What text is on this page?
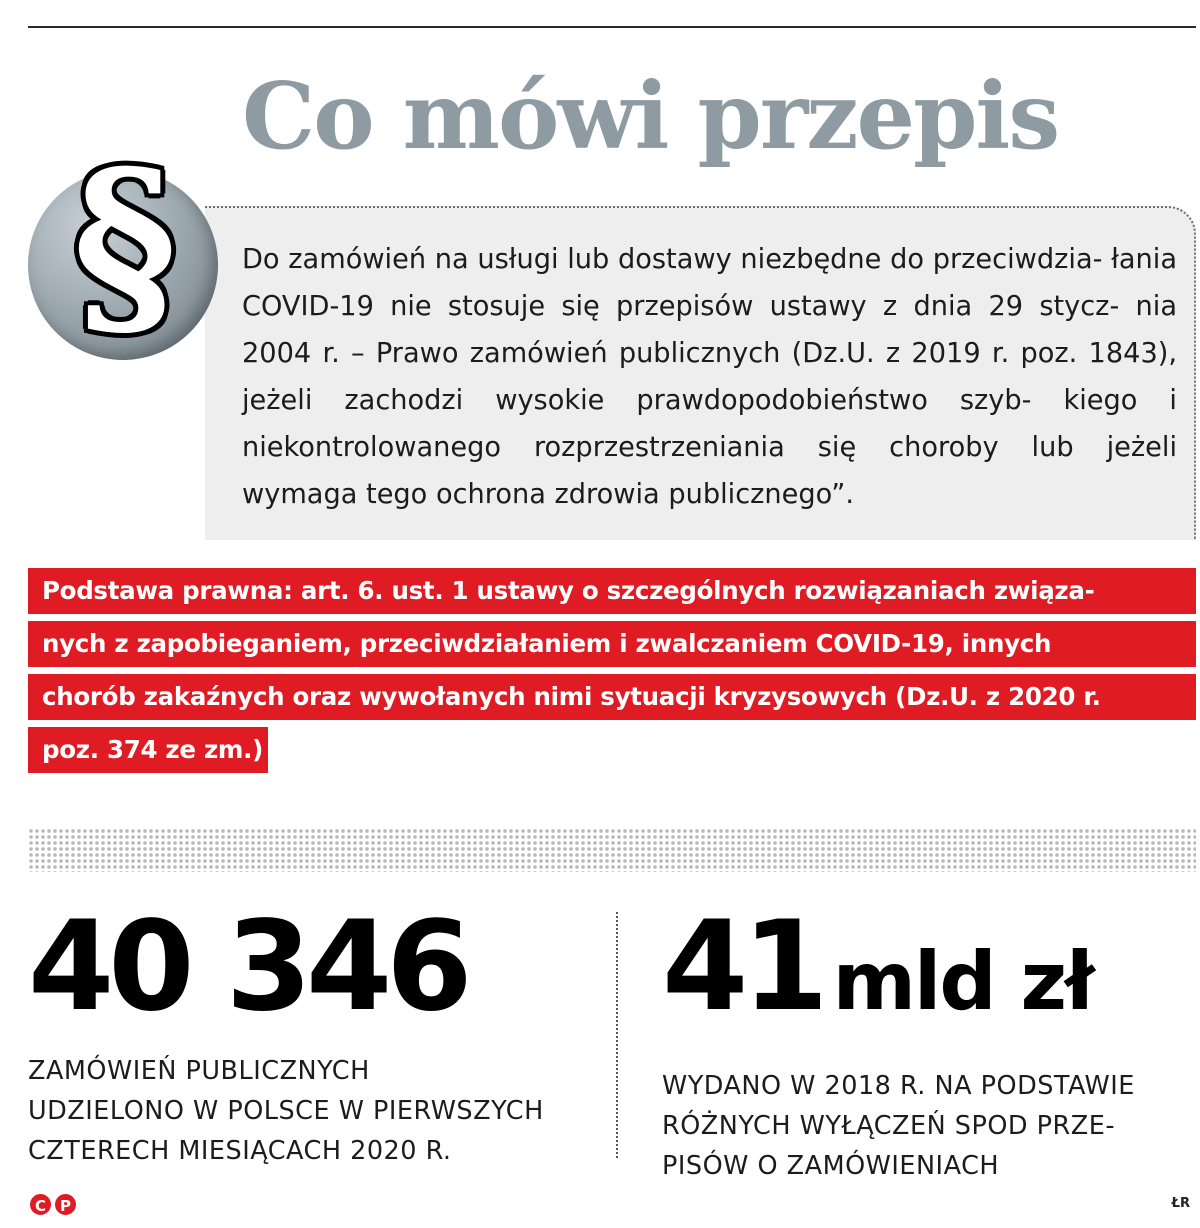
Co mówi przepis
§	Do zamówień na usługi lub dostawy niezbędne do przeciwdzia- łania COVID-19 nie stosuje się przepisów ustawy z dnia 29 stycz- nia 2004 r. – Prawo zamówień publicznych (Dz.U. z 2019 r. poz. 1843), jeżeli zachodzi wysokie prawdopodobieństwo szyb- kiego i niekontrolowanego rozprzestrzeniania się choroby lub jeżeli wymaga tego ochrona zdrowia publicznego”.

Podstawa prawna: art. 6. ust. 1 ustawy o szczególnych rozwiązaniach związa-
nych z zapobieganiem, przeciwdziałaniem i zwalczaniem COVID-19, innych
chorób zakaźnych oraz wywołanych nimi sytuacji kryzysowych (Dz.U. z 2020 r.
poz. 374 ze zm.)
40 346
ZAMÓWIEŃ PUBLICZNYCH
UDZIELONO W POLSCE W PIERWSZYCH
CZTERECH MIESIĄCACH 2020 R.
41 mld zł
WYDANO W 2018 R. NA PODSTAWIE
RÓŻNYCH WYŁĄCZEŃ SPOD PRZE-
PISÓW O ZAMÓWIENIACH
C P	ŁR
